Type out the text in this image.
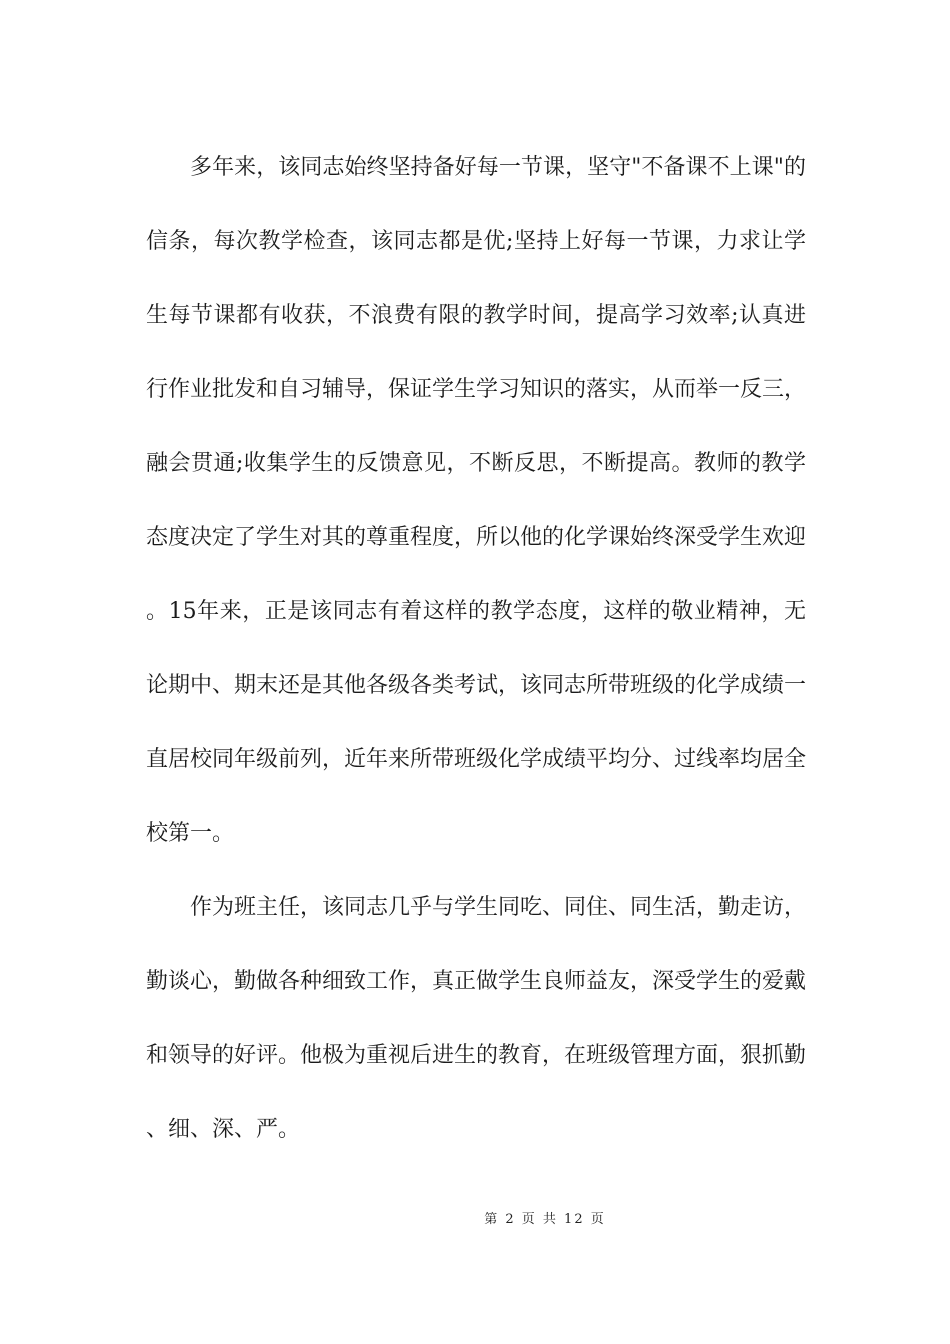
多年来，该同志始终坚持备好每一节课，坚守"不备课不上课"的信条，每次教学检查，该同志都是优;坚持上好每一节课，力求让学生每节课都有收获，不浪费有限的教学时间，提高学习效率;认真进行作业批发和自习辅导，保证学生学习知识的落实，从而举一反三，融会贯通;收集学生的反馈意见，不断反思，不断提高。教师的教学态度决定了学生对其的尊重程度，所以他的化学课始终深受学生欢迎。15年来，正是该同志有着这样的教学态度，这样的敬业精神，无论期中、期末还是其他各级各类考试，该同志所带班级的化学成绩一直居校同年级前列，近年来所带班级化学成绩平均分、过线率均居全校第一。

作为班主任，该同志几乎与学生同吃、同住、同生活，勤走访，勤谈心，勤做各种细致工作，真正做学生良师益友，深受学生的爱戴和领导的好评。他极为重视后进生的教育，在班级管理方面，狠抓勤、细、深、严。

第 2 页 共 12 页
